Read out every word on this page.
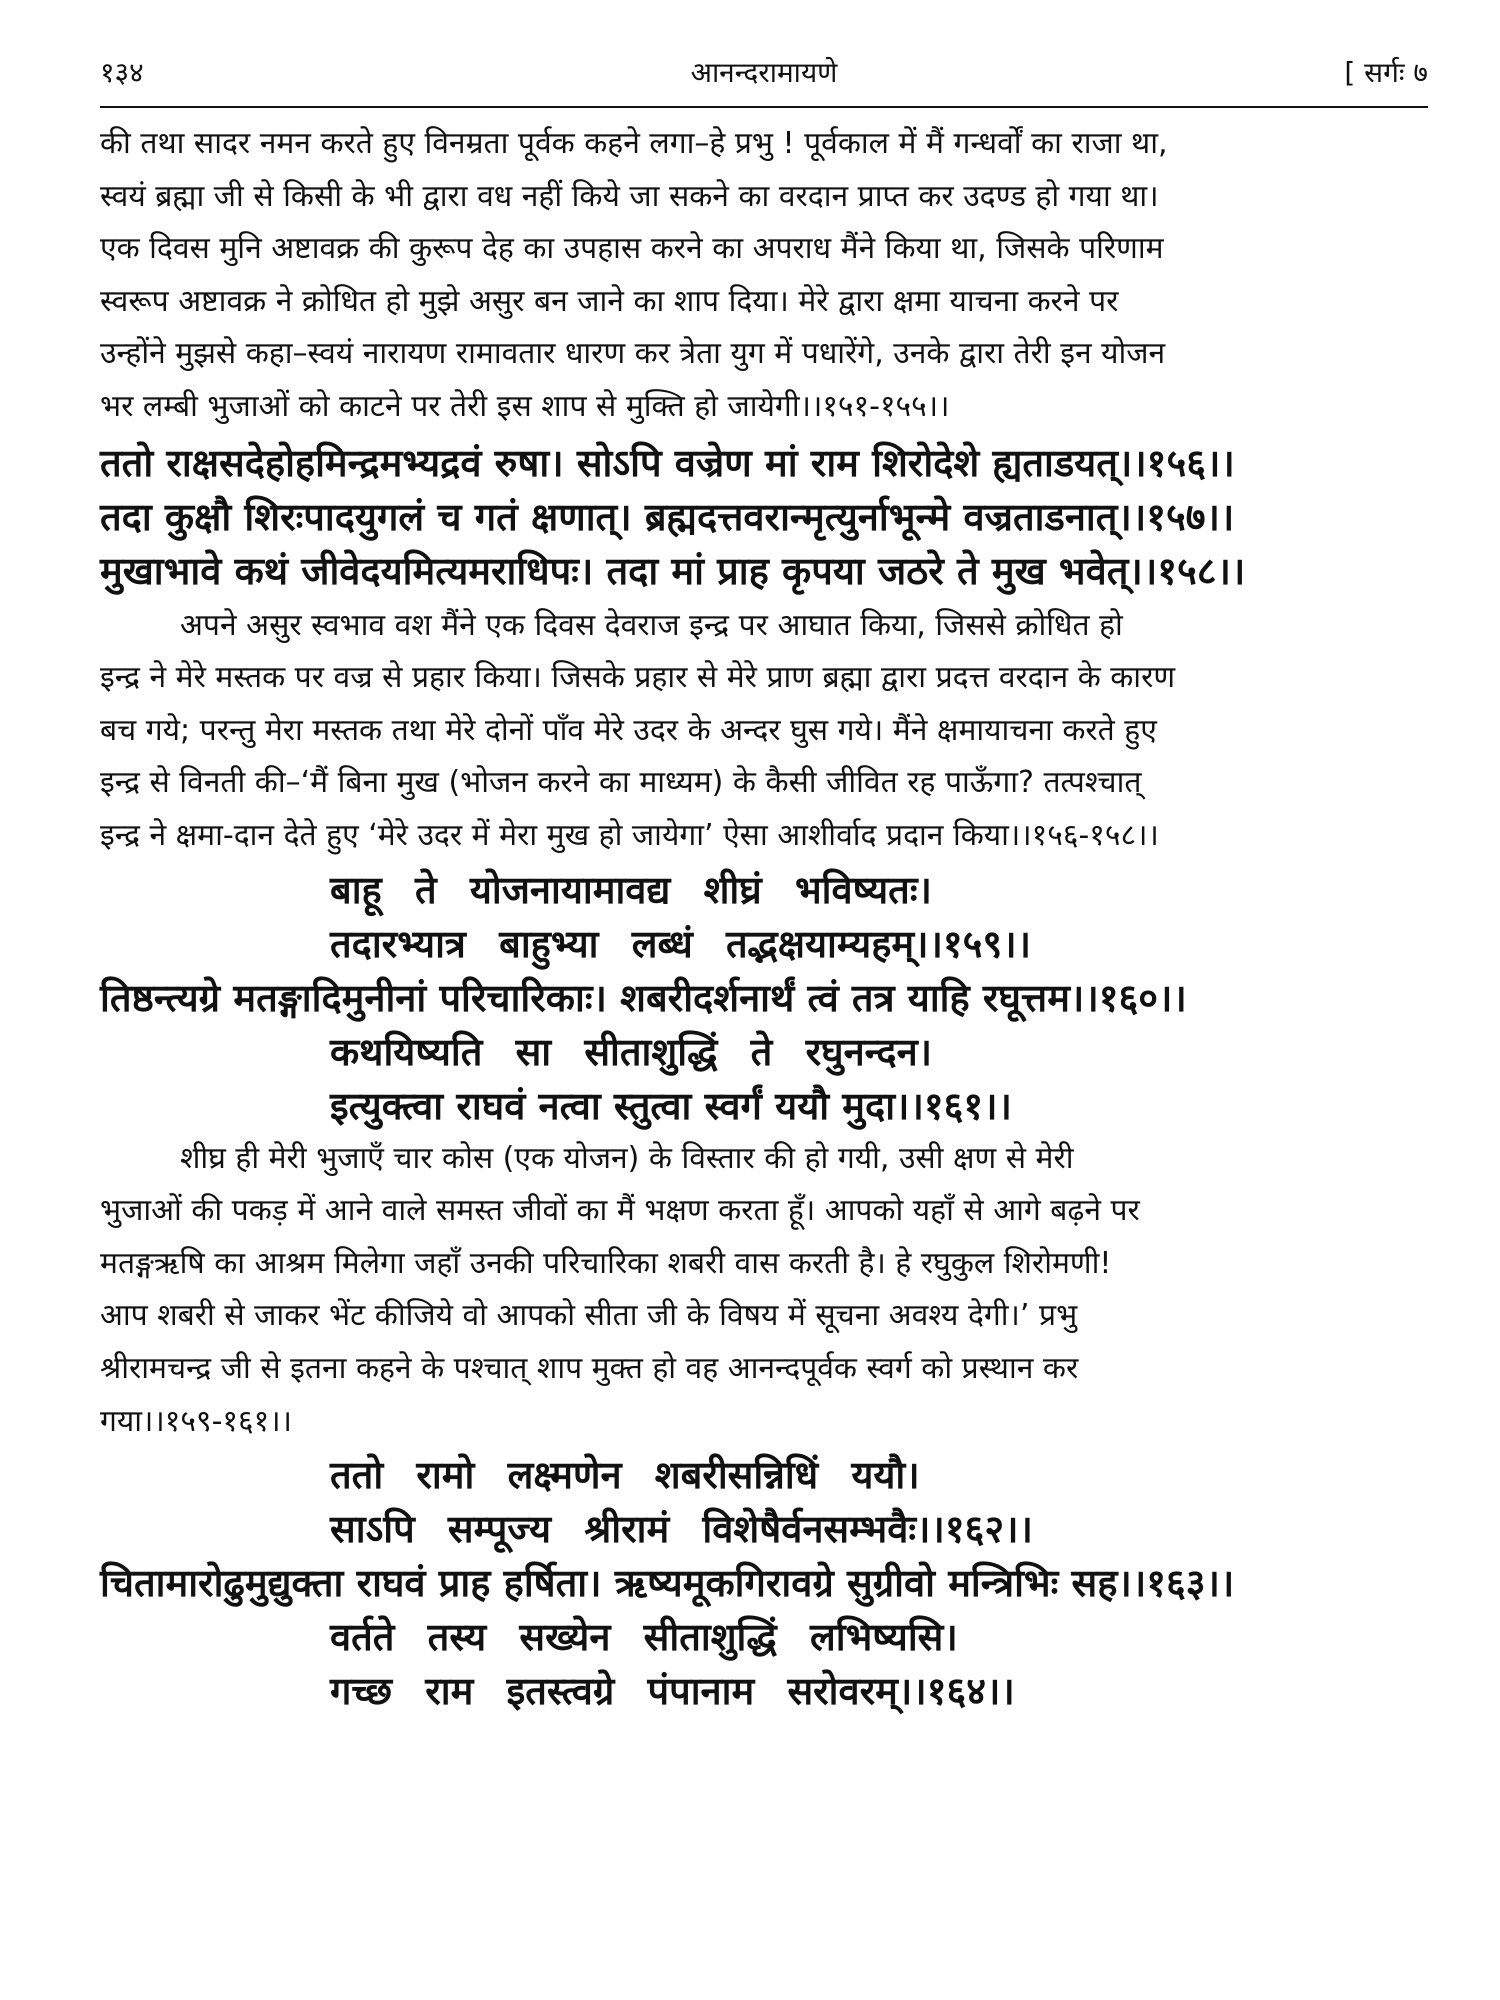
१३४	आनन्दरामायणे	[ सर्गः ७

की तथा सादर नमन करते हुए विनम्रता पूर्वक कहने लगा–हे प्रभु ! पूर्वकाल में मैं गन्धर्वों का राजा था,
स्वयं ब्रह्मा जी से किसी के भी द्वारा वध नहीं किये जा सकने का वरदान प्राप्त कर उदण्ड हो गया था।
एक दिवस मुनि अष्टावक्र की कुरूप देह का उपहास करने का अपराध मैंने किया था, जिसके परिणाम
स्वरूप अष्टावक्र ने क्रोधित हो मुझे असुर बन जाने का शाप दिया। मेरे द्वारा क्षमा याचना करने पर
उन्होंने मुझसे कहा–स्वयं नारायण रामावतार धारण कर त्रेता युग में पधारेंगे, उनके द्वारा तेरी इन योजन
भर लम्बी भुजाओं को काटने पर तेरी इस शाप से मुक्ति हो जायेगी।।१५१-१५५।।

ततो राक्षसदेहोहमिन्द्रमभ्यद्रवं रुषा। सोऽपि वज्रेण मां राम शिरोदेशे ह्यताडयत्।।१५६।।
तदा कुक्षौ शिरःपादयुगलं च गतं क्षणात्। ब्रह्मदत्तवरान्मृत्युर्नाभून्मे वज्रताडनात्।।१५७।।
मुखाभावे कथं जीवेदयमित्यमराधिपः। तदा मां प्राह कृपया जठरे ते मुख भवेत्।।१५८।।

अपने असुर स्वभाव वश मैंने एक दिवस देवराज इन्द्र पर आघात किया, जिससे क्रोधित हो
इन्द्र ने मेरे मस्तक पर वज्र से प्रहार किया। जिसके प्रहार से मेरे प्राण ब्रह्मा द्वारा प्रदत्त वरदान के कारण
बच गये; परन्तु मेरा मस्तक तथा मेरे दोनों पाँव मेरे उदर के अन्दर घुस गये। मैंने क्षमायाचना करते हुए
इन्द्र से विनती की–‘मैं बिना मुख (भोजन करने का माध्यम) के कैसी जीवित रह पाऊँगा? तत्पश्चात्
इन्द्र ने क्षमा-दान देते हुए ‘मेरे उदर में मेरा मुख हो जायेगा’ ऐसा आशीर्वाद प्रदान किया।।१५६-१५८।।

बाहू ते योजनायामावद्य शीघ्रं भविष्यतः।
तदारभ्यात्र बाहुभ्या लब्धं तद्भक्षयाम्यहम्।।१५९।।
तिष्ठन्त्यग्रे मतङ्गादिमुनीनां परिचारिकाः। शबरीदर्शनार्थं त्वं तत्र याहि रघूत्तम।।१६०।।
कथयिष्यति सा सीताशुद्धिं ते रघुनन्दन।
इत्युक्त्वा राघवं नत्वा स्तुत्वा स्वर्गं ययौ मुदा।।१६१।।

शीघ्र ही मेरी भुजाएँ चार कोस (एक योजन) के विस्तार की हो गयी, उसी क्षण से मेरी
भुजाओं की पकड़ में आने वाले समस्त जीवों का मैं भक्षण करता हूँ। आपको यहाँ से आगे बढ़ने पर
मतङ्गऋषि का आश्रम मिलेगा जहाँ उनकी परिचारिका शबरी वास करती है। हे रघुकुल शिरोमणी!
आप शबरी से जाकर भेंट कीजिये वो आपको सीता जी के विषय में सूचना अवश्य देगी।’ प्रभु
श्रीरामचन्द्र जी से इतना कहने के पश्चात् शाप मुक्त हो वह आनन्दपूर्वक स्वर्ग को प्रस्थान कर
गया।।१५९-१६१।।

ततो रामो लक्ष्मणेन शबरीसन्निधिं ययौ।
साऽपि सम्पूज्य श्रीरामं विशेषैर्वनसम्भवैः।।१६२।।
चितामारोढुमुद्युक्ता राघवं प्राह हर्षिता। ऋष्यमूकगिरावग्रे सुग्रीवो मन्त्रिभिः सह।।१६३।।
वर्तते तस्य सख्येन सीताशुद्धिं लभिष्यसि।
गच्छ राम इतस्त्वग्रे पंपानाम सरोवरम्।।१६४।।
